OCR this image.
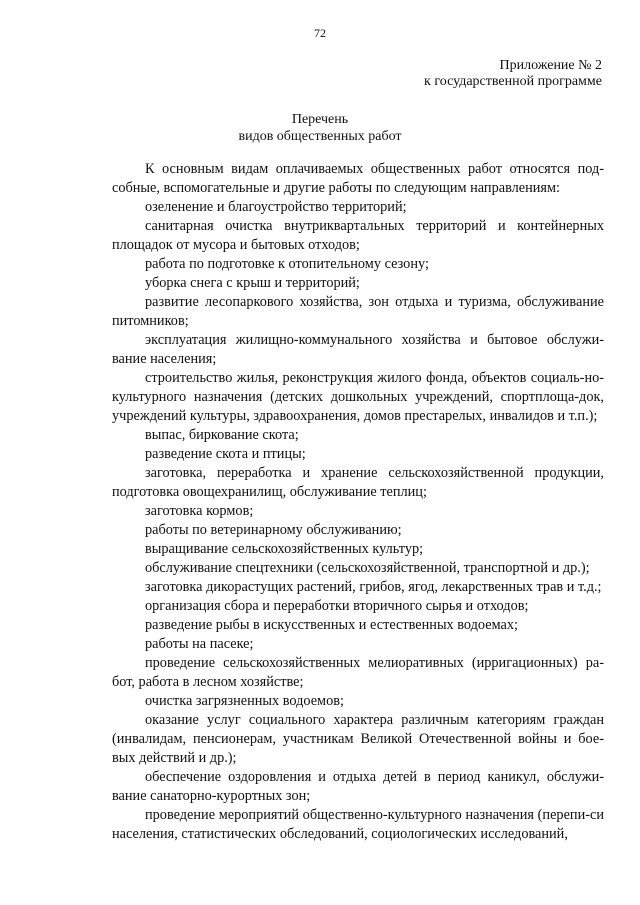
72
Приложение № 2
к государственной программе
Перечень
видов общественных работ

К основным видам оплачиваемых общественных работ относятся под-собные, вспомогательные и другие работы по следующим направлениям:

озеленение и благоустройство территорий;

санитарная очистка внутриквартальных территорий и контейнерных площадок от мусора и бытовых отходов;

работа по подготовке к отопительному сезону;

уборка снега с крыш и территорий;

развитие лесопаркового хозяйства, зон отдыха и туризма, обслуживание питомников;

эксплуатация жилищно-коммунального хозяйства и бытовое обслужи-вание населения;

строительство жилья, реконструкция жилого фонда, объектов социаль-но-культурного назначения (детских дошкольных учреждений, спортплоща-док, учреждений культуры, здравоохранения, домов престарелых, инвалидов и т.п.);

выпас, биркование скота;

разведение скота и птицы;

заготовка, переработка и хранение сельскохозяйственной продукции, подготовка овощехранилищ, обслуживание теплиц;

заготовка кормов;

работы по ветеринарному обслуживанию;

выращивание сельскохозяйственных культур;

обслуживание спецтехники (сельскохозяйственной, транспортной и др.);

заготовка дикорастущих растений, грибов, ягод, лекарственных трав и т.д.;

организация сбора и переработки вторичного сырья и отходов;

разведение рыбы в искусственных и естественных водоемах;

работы на пасеке;

проведение сельскохозяйственных мелиоративных (ирригационных) ра-бот, работа в лесном хозяйстве;

очистка загрязненных водоемов;

оказание услуг социального характера различным категориям граждан (инвалидам, пенсионерам, участникам Великой Отечественной войны и бое-вых действий и др.);

обеспечение оздоровления и отдыха детей в период каникул, обслужи-вание санаторно-курортных зон;

проведение мероприятий общественно-культурного назначения (перепи-си населения, статистических обследований, социологических исследований,
